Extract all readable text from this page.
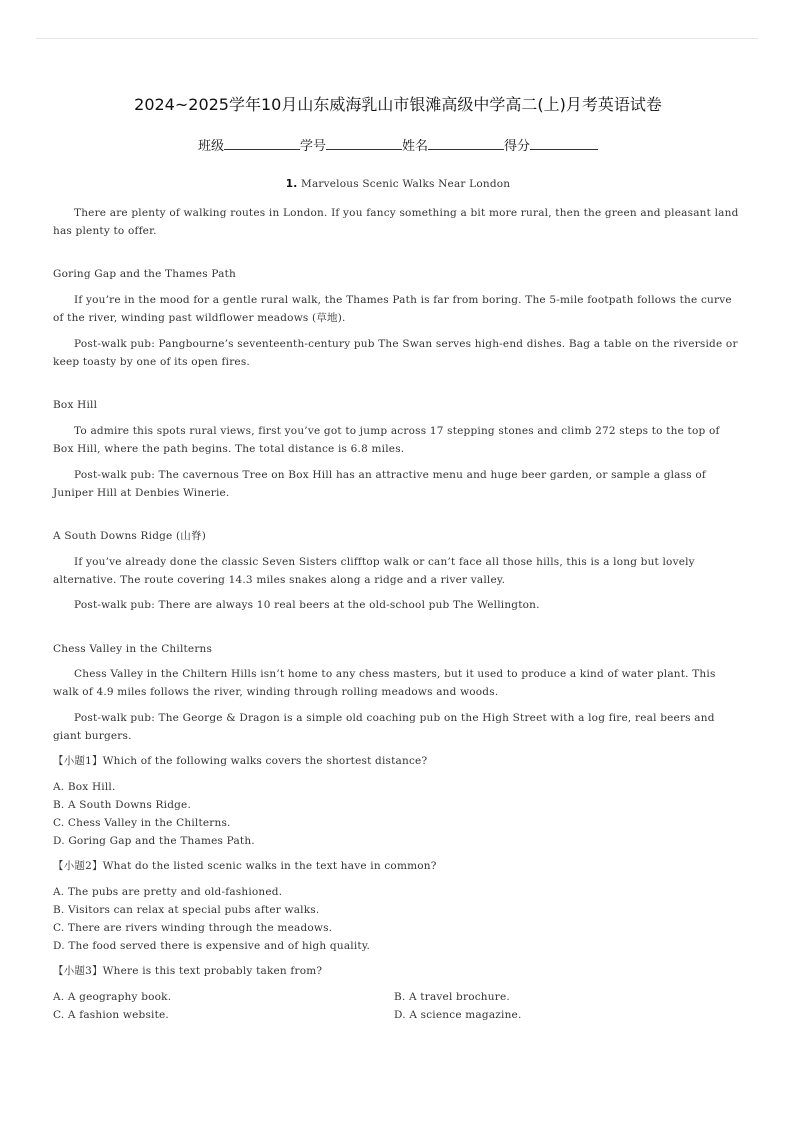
2024~2025学年10月山东威海乳山市银滩高级中学高二(上)月考英语试卷
班级	学号	姓名	得分
1. Marvelous Scenic Walks Near London

There are plenty of walking routes in London. If you fancy something a bit more rural, then the green and pleasant land has plenty to offer.

Goring Gap and the Thames Path

If you’re in the mood for a gentle rural walk, the Thames Path is far from boring. The 5-mile footpath follows the curve of the river, winding past wildflower meadows (草地).

Post-walk pub: Pangbourne’s seventeenth-century pub The Swan serves high-end dishes. Bag a table on the riverside or keep toasty by one of its open fires.

Box Hill

To admire this spots rural views, first you’ve got to jump across 17 stepping stones and climb 272 steps to the top of Box Hill, where the path begins. The total distance is 6.8 miles.

Post-walk pub: The cavernous Tree on Box Hill has an attractive menu and huge beer garden, or sample a glass of Juniper Hill at Denbies Winerie.

A South Downs Ridge (山脊)

If you’ve already done the classic Seven Sisters clifftop walk or can’t face all those hills, this is a long but lovely alternative. The route covering 14.3 miles snakes along a ridge and a river valley.

Post-walk pub: There are always 10 real beers at the old-school pub The Wellington.

Chess Valley in the Chilterns

Chess Valley in the Chiltern Hills isn’t home to any chess masters, but it used to produce a kind of water plant. This walk of 4.9 miles follows the river, winding through rolling meadows and woods.

Post-walk pub: The George & Dragon is a simple old coaching pub on the High Street with a log fire, real beers and giant burgers.

【小题1】Which of the following walks covers the shortest distance?
A. Box Hill.
B. A South Downs Ridge.
C. Chess Valley in the Chilterns.
D. Goring Gap and the Thames Path.
【小题2】What do the listed scenic walks in the text have in common?
A. The pubs are pretty and old-fashioned.
B. Visitors can relax at special pubs after walks.
C. There are rivers winding through the meadows.
D. The food served there is expensive and of high quality.
【小题3】Where is this text probably taken from?
A. A geography book.	B. A travel brochure.
C. A fashion website.	D. A science magazine.
